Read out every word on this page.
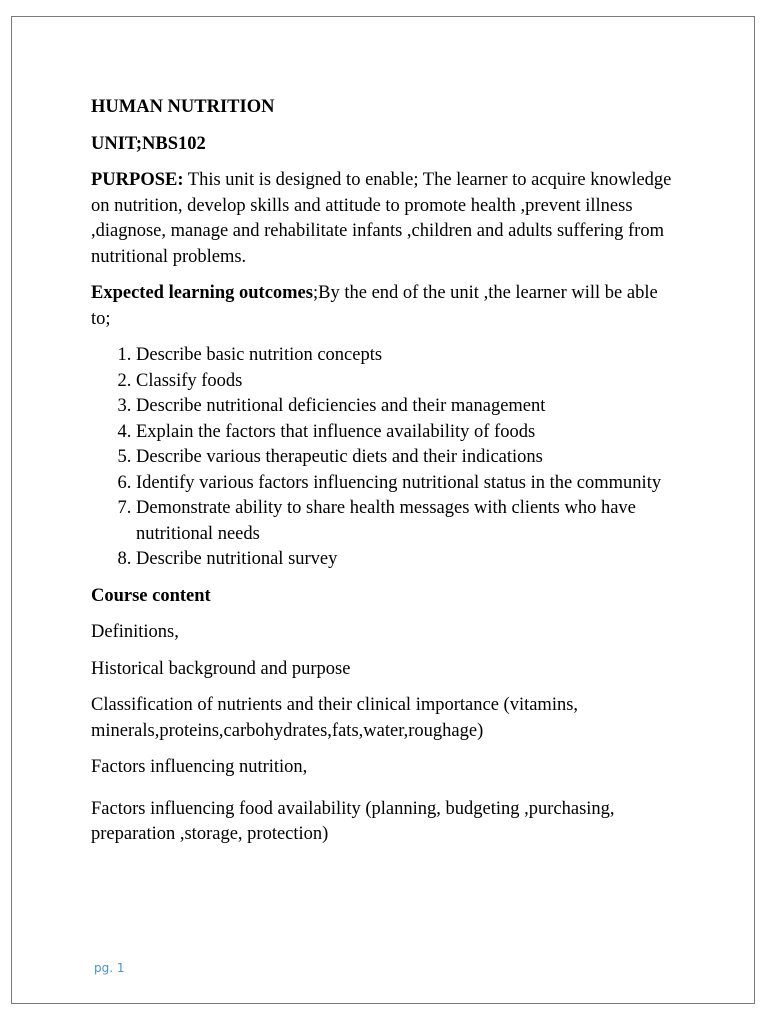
HUMAN NUTRITION

UNIT;NBS102

PURPOSE: This unit is designed to enable; The learner to acquire knowledge on nutrition, develop skills and attitude to promote health ,prevent illness ,diagnose, manage and rehabilitate infants ,children and adults suffering from nutritional problems.

Expected learning outcomes;By the end of the unit ,the learner will be able to;

1. Describe basic nutrition concepts
2. Classify foods
3. Describe nutritional deficiencies and their management
4. Explain the factors that influence availability of foods
5. Describe various therapeutic diets and their indications
6. Identify various factors influencing nutritional status in the community
7. Demonstrate ability to share health messages with clients who have nutritional needs
8. Describe nutritional survey

Course content

Definitions,

Historical background and purpose

Classification of nutrients and their clinical importance (vitamins, minerals,proteins,carbohydrates,fats,water,roughage)

Factors influencing nutrition,

Factors influencing food availability (planning, budgeting ,purchasing, preparation ,storage, protection)

pg. 1
